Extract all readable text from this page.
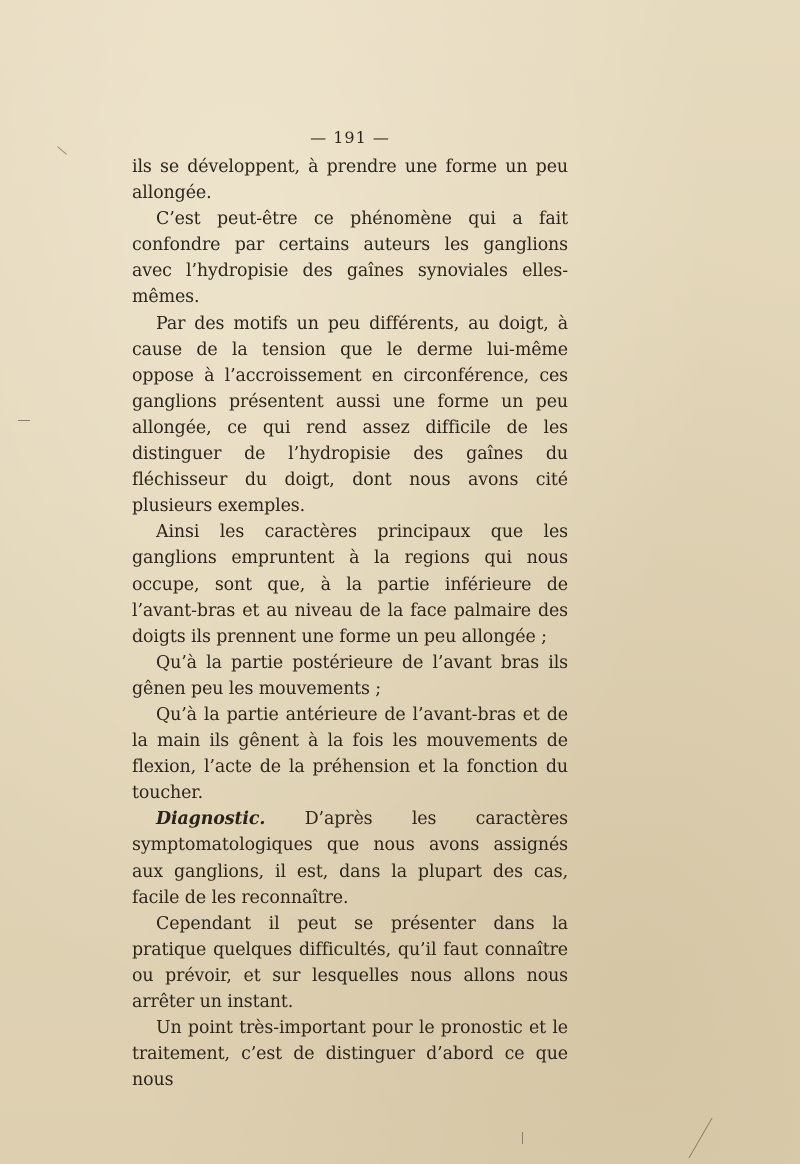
— 191 —

ils se développent, à prendre une forme un peu allongée.

C’est peut-être ce phénomène qui a fait confondre par certains auteurs les ganglions avec l’hydropisie des gaînes synoviales elles-mêmes.

Par des motifs un peu différents, au doigt, à cause de la tension que le derme lui-même oppose à l’accroissement en circonférence, ces ganglions présentent aussi une forme un peu allongée, ce qui rend assez difficile de les distinguer de l’hydropisie des gaînes du fléchisseur du doigt, dont nous avons cité plusieurs exemples.

Ainsi les caractères principaux que les ganglions empruntent à la regions qui nous occupe, sont que, à la partie inférieure de l’avant-bras et au niveau de la face palmaire des doigts ils prennent une forme un peu allongée ;

Qu’à la partie postérieure de l’avant bras ils gênen peu les mouvements ;

Qu’à la partie antérieure de l’avant-bras et de la main ils gênent à la fois les mouvements de flexion, l’acte de la préhension et la fonction du toucher.

Diagnostic. D’après les caractères symptomatologiques que nous avons assignés aux ganglions, il est, dans la plupart des cas, facile de les reconnaître.

Cependant il peut se présenter dans la pratique quelques difficultés, qu’il faut connaître ou prévoir, et sur lesquelles nous allons nous arrêter un instant.

Un point très-important pour le pronostic et le traitement, c’est de distinguer d’abord ce que nous
